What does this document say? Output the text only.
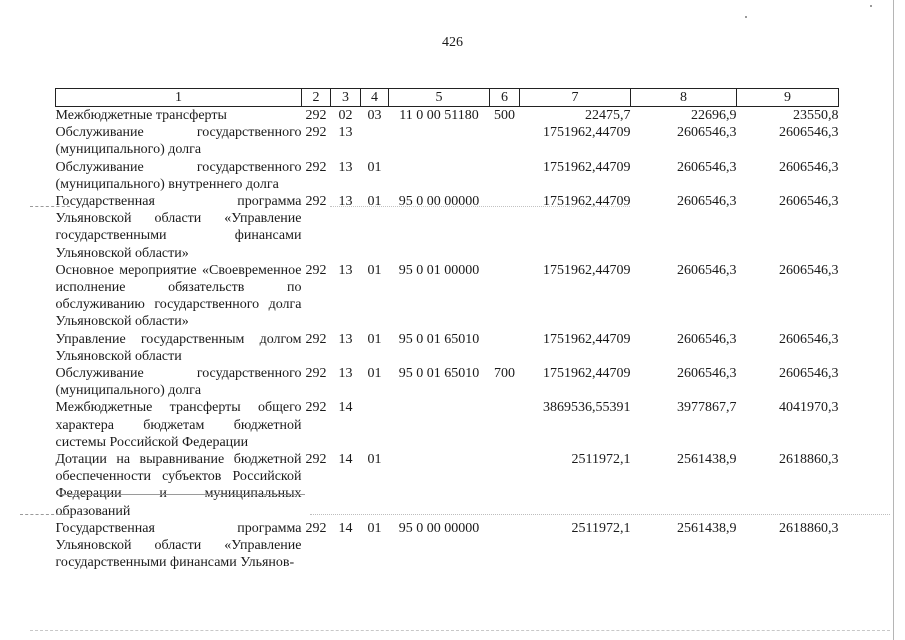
426
1	2	3	4	5	6	7	8	9
Межбюджетные трансферты	292	02	03	11 0 00 51180	500	22475,7	22696,9	23550,8
Обслуживание государственного (муниципального) долга	292	13				1751962,44709	2606546,3	2606546,3
Обслуживание государственного (муниципального) внутреннего долга	292	13	01			1751962,44709	2606546,3	2606546,3
Государственная программа Ульяновской области «Управление государственными финансами Ульяновской области»	292	13	01	95 0 00 00000		1751962,44709	2606546,3	2606546,3
Основное мероприятие «Своевременное исполнение обязательств по обслуживанию государственного долга Ульяновской области»	292	13	01	95 0 01 00000		1751962,44709	2606546,3	2606546,3
Управление государственным долгом Ульяновской области	292	13	01	95 0 01 65010		1751962,44709	2606546,3	2606546,3
Обслуживание государственного (муниципального) долга	292	13	01	95 0 01 65010	700	1751962,44709	2606546,3	2606546,3
Межбюджетные трансферты общего характера бюджетам бюджетной системы Российской Федерации	292	14				3869536,55391	3977867,7	4041970,3
Дотации на выравнивание бюджетной обеспеченности субъектов Российской Федерации и муниципальных образований	292	14	01			2511972,1	2561438,9	2618860,3
Государственная программа Ульяновской области «Управление государственными финансами Ульянов-	292	14	01	95 0 00 00000		2511972,1	2561438,9	2618860,3
